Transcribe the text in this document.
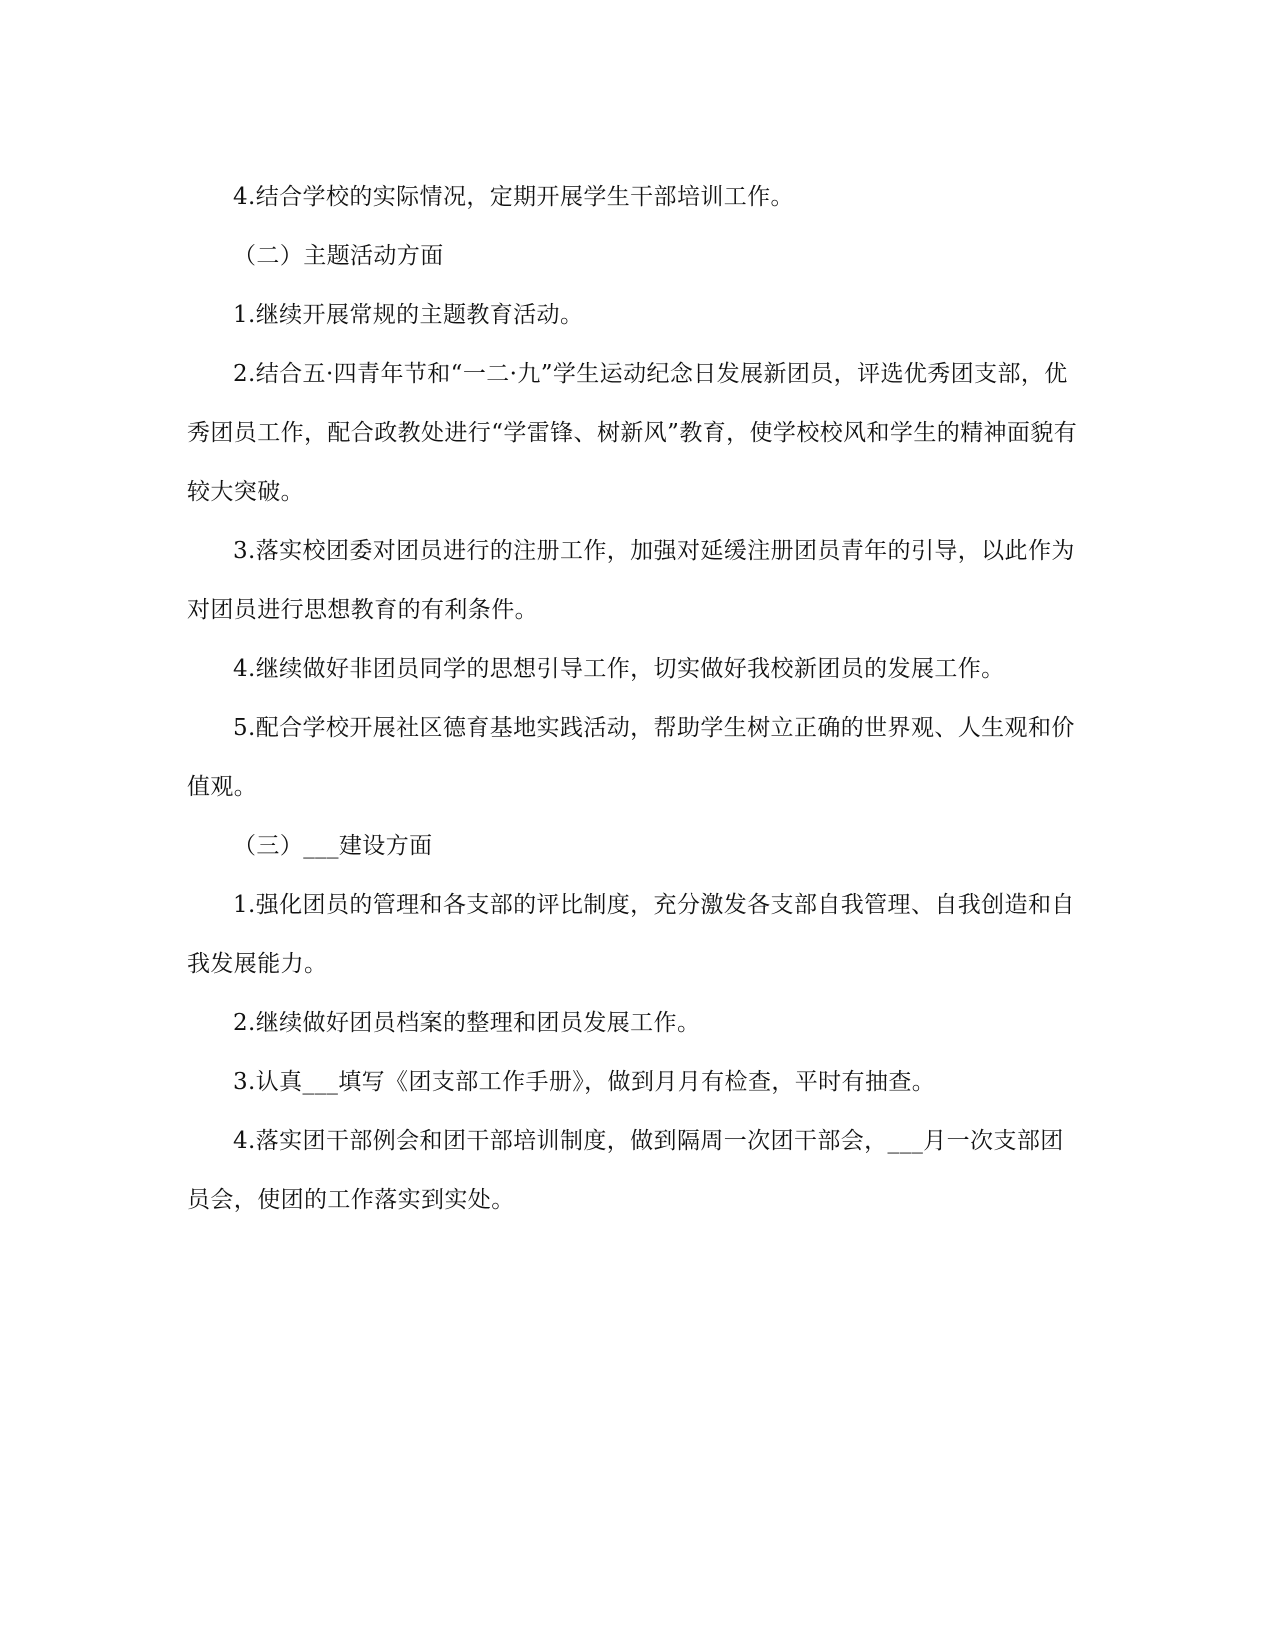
4.结合学校的实际情况，定期开展学生干部培训工作。

（二）主题活动方面

1.继续开展常规的主题教育活动。

2.结合五·四青年节和“一二·九”学生运动纪念日发展新团员，评选优秀团支部，优秀团员工作，配合政教处进行“学雷锋、树新风”教育，使学校校风和学生的精神面貌有较大突破。

3.落实校团委对团员进行的注册工作，加强对延缓注册团员青年的引导，以此作为对团员进行思想教育的有利条件。

4.继续做好非团员同学的思想引导工作，切实做好我校新团员的发展工作。

5.配合学校开展社区德育基地实践活动，帮助学生树立正确的世界观、人生观和价值观。

（三）___建设方面

1.强化团员的管理和各支部的评比制度，充分激发各支部自我管理、自我创造和自我发展能力。

2.继续做好团员档案的整理和团员发展工作。

3.认真___填写《团支部工作手册》，做到月月有检查，平时有抽查。

4.落实团干部例会和团干部培训制度，做到隔周一次团干部会，___月一次支部团员会，使团的工作落实到实处。
